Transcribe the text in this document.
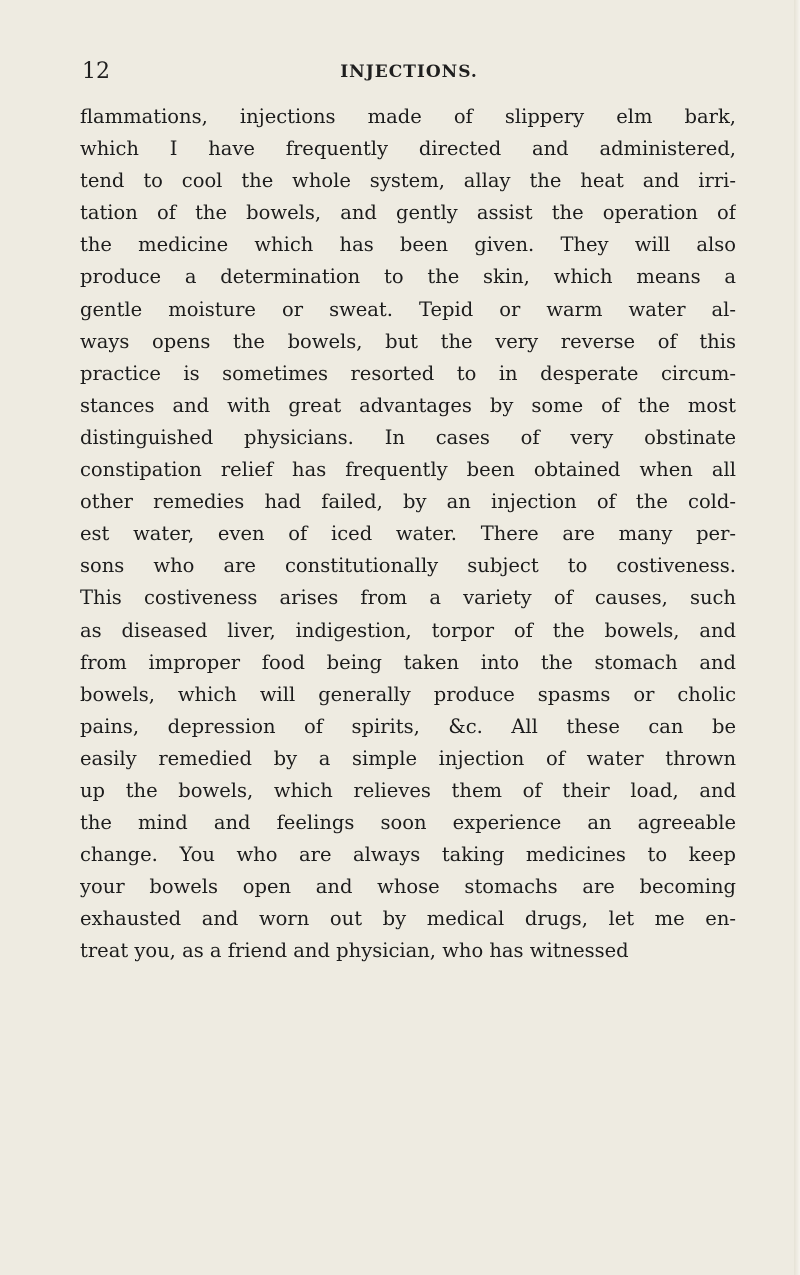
12	INJECTIONS.
flammations, injections made of slippery elm bark,
which I have frequently directed and administered,
tend to cool the whole system, allay the heat and irri-
tation of the bowels, and gently assist the operation of
the medicine which has been given. They will also
produce a determination to the skin, which means a
gentle moisture or sweat. Tepid or warm water al-
ways opens the bowels, but the very reverse of this
practice is sometimes resorted to in desperate circum-
stances and with great advantages by some of the most
distinguished physicians. In cases of very obstinate
constipation relief has frequently been obtained when all
other remedies had failed, by an injection of the cold-
est water, even of iced water. There are many per-
sons who are constitutionally subject to costiveness.
This costiveness arises from a variety of causes, such
as diseased liver, indigestion, torpor of the bowels, and
from improper food being taken into the stomach and
bowels, which will generally produce spasms or cholic
pains, depression of spirits, &c. All these can be
easily remedied by a simple injection of water thrown
up the bowels, which relieves them of their load, and
the mind and feelings soon experience an agreeable
change. You who are always taking medicines to keep
your bowels open and whose stomachs are becoming
exhausted and worn out by medical drugs, let me en-
treat you, as a friend and physician, who has witnessed
